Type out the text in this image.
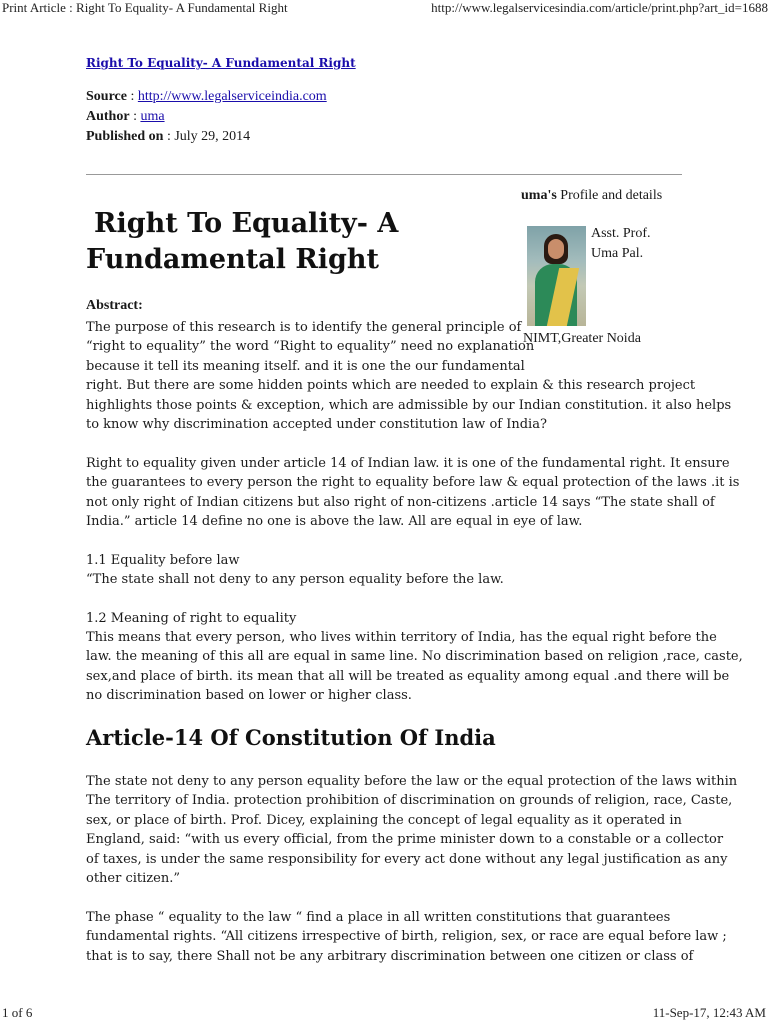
Print Article : Right To Equality- A Fundamental Right	http://www.legalservicesindia.com/article/print.php?art_id=1688
Right To Equality- A Fundamental Right
Source : http://www.legalserviceindia.com
Author : uma
Published on : July 29, 2014
uma's Profile and details
Asst. Prof.
Uma Pal.
NIMT,Greater Noida
Right To Equality- A
Fundamental Right
Abstract:
The purpose of this research is to identify the general principle of
“right to equality” the word “Right to equality” need no explanation
because it tell its meaning itself. and it is one the our fundamental
right. But there are some hidden points which are needed to explain & this research project
highlights those points & exception, which are admissible by our Indian constitution. it also helps
to know why discrimination accepted under constitution law of India?
Right to equality given under article 14 of Indian law. it is one of the fundamental right. It ensure
the guarantees to every person the right to equality before law & equal protection of the laws .it is
not only right of Indian citizens but also right of non-citizens .article 14 says “The state shall of
India.” article 14 define no one is above the law. All are equal in eye of law.
1.1 Equality before law
“The state shall not deny to any person equality before the law.
1.2 Meaning of right to equality
This means that every person, who lives within territory of India, has the equal right before the
law. the meaning of this all are equal in same line. No discrimination based on religion ,race, caste,
sex,and place of birth. its mean that all will be treated as equality among equal .and there will be
no discrimination based on lower or higher class.
Article-14 Of Constitution Of India
The state not deny to any person equality before the law or the equal protection of the laws within
The territory of India. protection prohibition of discrimination on grounds of religion, race, Caste,
sex, or place of birth. Prof. Dicey, explaining the concept of legal equality as it operated in
England, said: “with us every official, from the prime minister down to a constable or a collector
of taxes, is under the same responsibility for every act done without any legal justification as any
other citizen.”
The phase “ equality to the law “ find a place in all written constitutions that guarantees
fundamental rights. “All citizens irrespective of birth, religion, sex, or race are equal before law ;
that is to say, there Shall not be any arbitrary discrimination between one citizen or class of
1 of 6	11-Sep-17, 12:43 AM
